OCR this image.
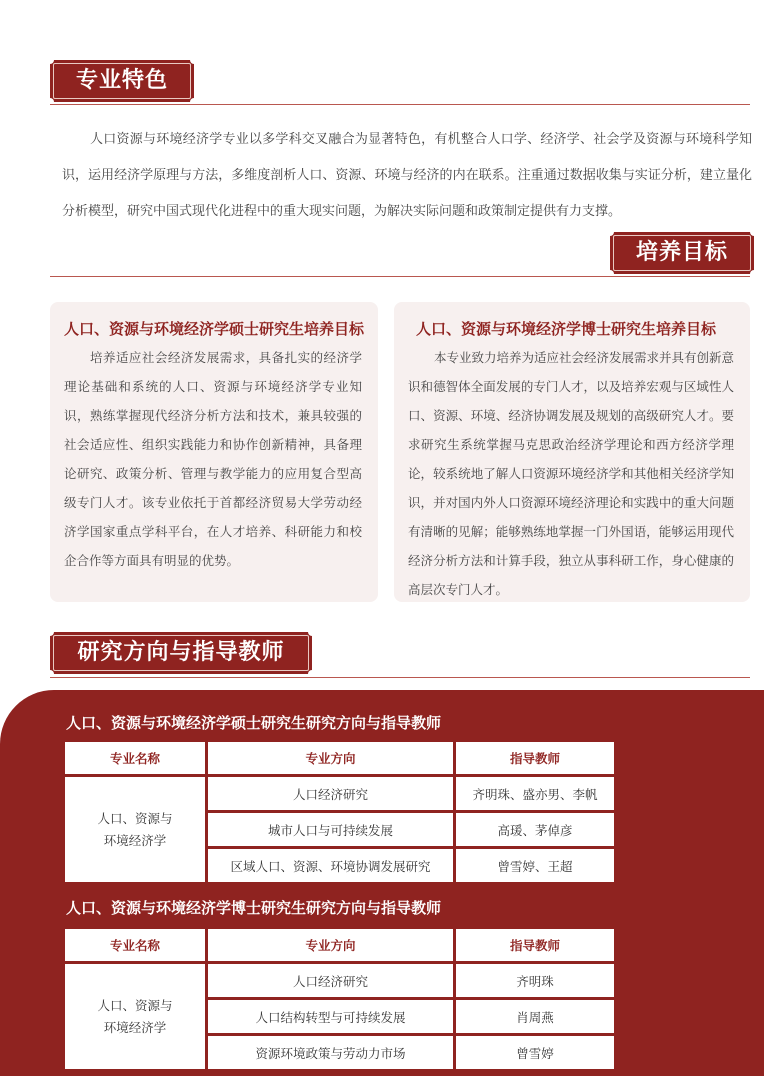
专业特色

人口资源与环境经济学专业以多学科交叉融合为显著特色，有机整合人口学、经济学、社会学及资源与环境科学知识，运用经济学原理与方法，多维度剖析人口、资源、环境与经济的内在联系。注重通过数据收集与实证分析，建立量化分析模型，研究中国式现代化进程中的重大现实问题，为解决实际问题和政策制定提供有力支撑。

培养目标
人口、资源与环境经济学硕士研究生培养目标

培养适应社会经济发展需求，具备扎实的经济学理论基础和系统的人口、资源与环境经济学专业知识，熟练掌握现代经济分析方法和技术，兼具较强的社会适应性、组织实践能力和协作创新精神，具备理论研究、政策分析、管理与教学能力的应用复合型高级专门人才。该专业依托于首都经济贸易大学劳动经济学国家重点学科平台，在人才培养、科研能力和校企合作等方面具有明显的优势。

人口、资源与环境经济学博士研究生培养目标

本专业致力培养为适应社会经济发展需求并具有创新意识和德智体全面发展的专门人才，以及培养宏观与区域性人口、资源、环境、经济协调发展及规划的高级研究人才。要求研究生系统掌握马克思政治经济学理论和西方经济学理论，较系统地了解人口资源环境经济学和其他相关经济学知识，并对国内外人口资源环境经济理论和实践中的重大问题有清晰的见解；能够熟练地掌握一门外国语，能够运用现代经济分析方法和计算手段，独立从事科研工作，身心健康的高层次专门人才。

研究方向与指导教师
人口、资源与环境经济学硕士研究生研究方向与指导教师
专业名称	专业方向	指导教师

人口、资源与
环境经济学	人口经济研究	齐明珠、盛亦男、李帆
	城市人口与可持续发展	高瑗、茅倬彦
	区域人口、资源、环境协调发展研究	曾雪婷、王超
人口、资源与环境经济学博士研究生研究方向与指导教师
专业名称	专业方向	指导教师

人口、资源与
环境经济学	人口经济研究	齐明珠
	人口结构转型与可持续发展	肖周燕
	资源环境政策与劳动力市场	曾雪婷
